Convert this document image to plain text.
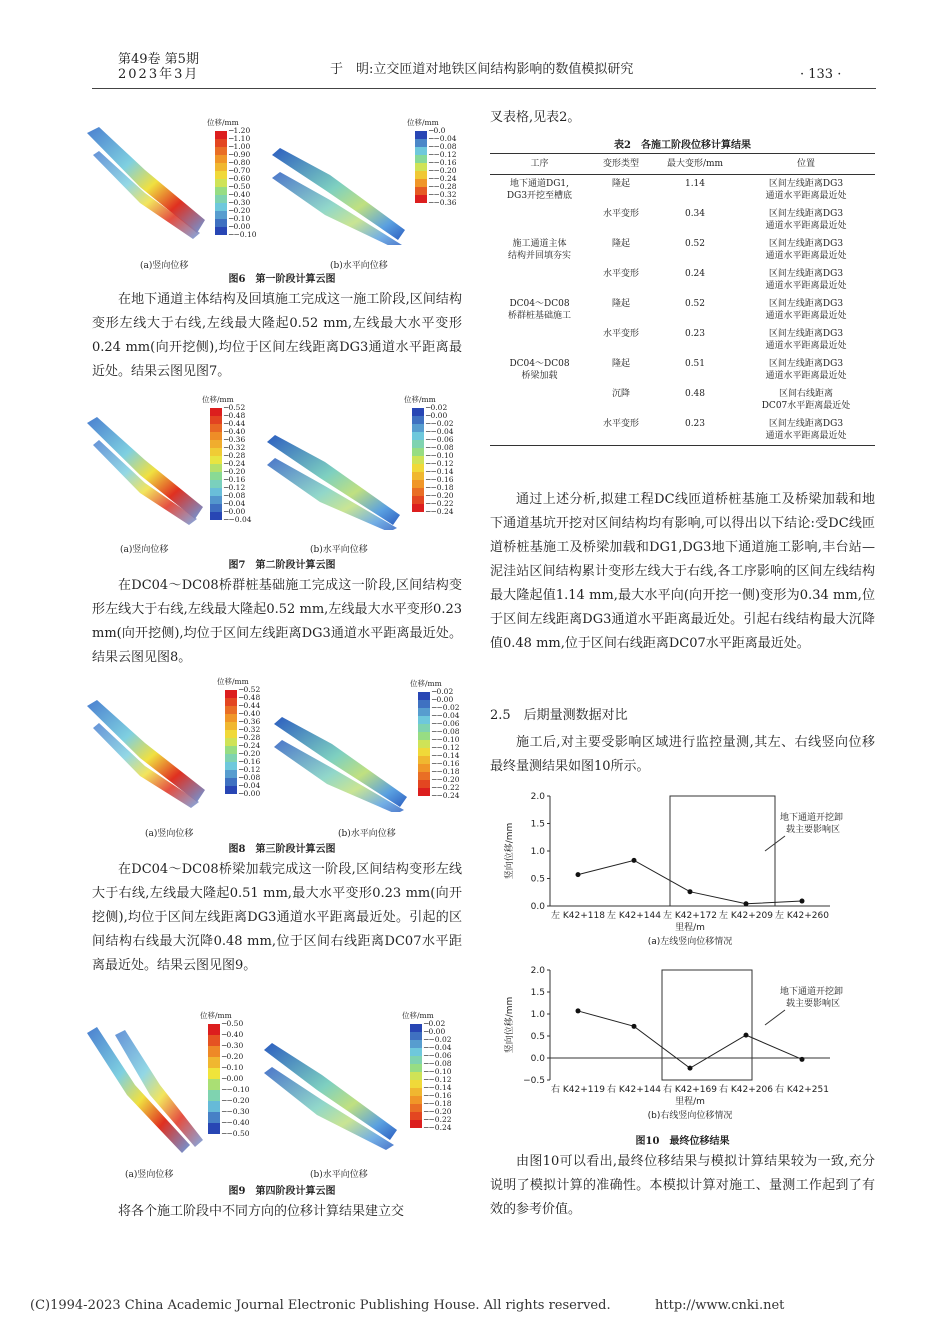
第49卷 第5期
2023年3月	于　明:立交匝道对地铁区间结构影响的数值模拟研究	· 133 ·
位移/mm
─1.20
─1.10
─1.00
─0.90
─0.80
─0.70
─0.60
─0.50
─0.40
─0.30
─0.20
─0.10
─0.00
─−0.10
位移/mm
─0.0
─−0.04
─−0.08
─−0.12
─−0.16
─−0.20
─−0.24
─−0.28
─−0.32
─−0.36
(a)竖向位移	(b)水平向位移
图6　第一阶段计算云图

在地下通道主体结构及回填施工完成这一施工阶段,区间结构变形左线大于右线,左线最大隆起0.52 mm,左线最大水平变形0.24 mm(向开挖侧),均位于区间左线距离DG3通道水平距离最近处。结果云图见图7。

位移/mm
─0.52
─0.48
─0.44
─0.40
─0.36
─0.32
─0.28
─0.24
─0.20
─0.16
─0.12
─0.08
─0.04
─0.00
─−0.04
位移/mm
─0.02
─0.00
─−0.02
─−0.04
─−0.06
─−0.08
─−0.10
─−0.12
─−0.14
─−0.16
─−0.18
─−0.20
─−0.22
─−0.24
(a)竖向位移	(b)水平向位移
图7　第二阶段计算云图

在DC04～DC08桥群桩基础施工完成这一阶段,区间结构变形左线大于右线,左线最大隆起0.52 mm,左线最大水平变形0.23 mm(向开挖侧),均位于区间左线距离DG3通道水平距离最近处。结果云图见图8。

位移/mm
─0.52
─0.48
─0.44
─0.40
─0.36
─0.32
─0.28
─0.24
─0.20
─0.16
─0.12
─0.08
─0.04
─0.00
位移/mm
─0.02
─0.00
─−0.02
─−0.04
─−0.06
─−0.08
─−0.10
─−0.12
─−0.14
─−0.16
─−0.18
─−0.20
─−0.22
─−0.24
(a)竖向位移	(b)水平向位移
图8　第三阶段计算云图

在DC04～DC08桥梁加载完成这一阶段,区间结构变形左线大于右线,左线最大隆起0.51 mm,最大水平变形0.23 mm(向开挖侧),均位于区间左线距离DG3通道水平距离最近处。引起的区间结构右线最大沉降0.48 mm,位于区间右线距离DC07水平距离最近处。结果云图见图9。

位移/mm
─0.50
─0.40
─0.30
─0.20
─0.10
─0.00
─−0.10
─−0.20
─−0.30
─−0.40
─−0.50
位移/mm
─0.02
─0.00
─−0.02
─−0.04
─−0.06
─−0.08
─−0.10
─−0.12
─−0.14
─−0.16
─−0.18
─−0.20
─−0.22
─−0.24
(a)竖向位移	(b)水平向位移
图9　第四阶段计算云图

将各个施工阶段中不同方向的位移计算结果建立交

叉表格,见表2。

表2　各施工阶段位移计算结果
工序	变形类型	最大变形/mm	位置
地下通道DG1,
DG3开挖至槽底	隆起	1.14	区间左线距离DG3
通道水平距离最近处
	水平变形	0.34	区间左线距离DG3
通道水平距离最近处
施工通道主体
结构并回填夯实	隆起	0.52	区间左线距离DG3
通道水平距离最近处
	水平变形	0.24	区间左线距离DG3
通道水平距离最近处
DC04～DC08
桥群桩基础施工	隆起	0.52	区间左线距离DG3
通道水平距离最近处
	水平变形	0.23	区间左线距离DG3
通道水平距离最近处
DC04～DC08
桥梁加载	隆起	0.51	区间左线距离DG3
通道水平距离最近处
	沉降	0.48	区间右线距离
DC07水平距离最近处
	水平变形	0.23	区间左线距离DG3
通道水平距离最近处

通过上述分析,拟建工程DC线匝道桥桩基施工及桥梁加载和地下通道基坑开挖对区间结构均有影响,可以得出以下结论:受DC线匝道桥桩基施工及桥梁加载和DG1,DG3地下通道施工影响,丰台站—泥洼站区间结构累计变形左线大于右线,各工序影响的区间左线结构最大隆起值1.14 mm,最大水平向(向开挖一侧)变形为0.34 mm,位于区间左线距离DG3通道水平距离最近处。引起右线结构最大沉降值0.48 mm,位于区间右线距离DC07水平距离最近处。

2.5　后期量测数据对比

施工后,对主要受影响区域进行监控量测,其左、右线竖向位移最终量测结果如图10所示。

0.0
0.5
1.0
1.5
2.0
左 K42+118 左 K42+144 左 K42+172 左 K42+209 左 K42+260
里程/m
竖向位移/mm
地下通道开挖卸
载主要影响区
(a)左线竖向位移情况
−0.5
0.0
0.5
1.0
1.5
2.0
右 K42+119 右 K42+144 右 K42+169 右 K42+206 右 K42+251
里程/m
竖向位移/mm
地下通道开挖卸
载主要影响区
(b)右线竖向位移情况
图10　最终位移结果

由图10可以看出,最终位移结果与模拟计算结果较为一致,充分说明了模拟计算的准确性。本模拟计算对施工、量测工作起到了有效的参考价值。

(C)1994-2023 China Academic Journal Electronic Publishing House. All rights reserved.	http://www.cnki.net
